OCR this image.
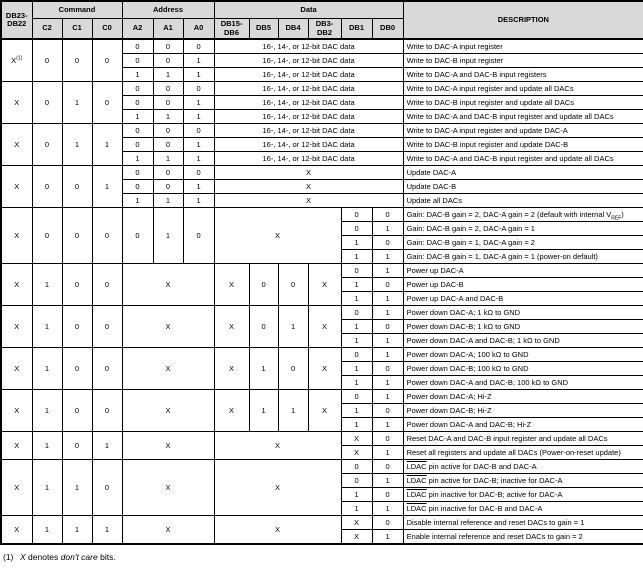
DB23-DB22	Command			Address			Data						DESCRIPTION
	C2	C1	C0	A2	A1	A0	DB15-DB6	DB5	DB4	DB3-DB2	DB1	DB0	
$X^{(1)}$	0	0	0	0	0	0	16-, 14-, or 12-bit DAC data						Write to DAC-A input register
				0	0	1	16-, 14-, or 12-bit DAC data						Write to DAC-B input register
				1	1	1	16-, 14-, or 12-bit DAC data						Write to DAC-A and DAC-B input registers
X	0	1	0	0	0	0	16-, 14-, or 12-bit DAC data						Write to DAC-A input register and update all DACs
				0	0	1	16-, 14-, or 12-bit DAC data						Write to DAC-B input register and update all DACs
				1	1	1	16-, 14-, or 12-bit DAC data						Write to DAC-A and DAC-B input register and update all DACs
X	0	1	1	0	0	0	16-, 14-, or 12-bit DAC data						Write to DAC-A input register and update DAC-A
				0	0	1	16-, 14-, or 12-bit DAC data						Write to DAC-B input register and update DAC-B
				1	1	1	16-, 14-, or 12-bit DAC data						Write to DAC-A and DAC-B input register and update all DACs
X	0	0	1	0	0	0	X						Update DAC-A
				0	0	1	X						Update DAC-B
				1	1	1	X						Update all DACs
X	0	0	0	0	1	0	X				0	0	Gain: DAC-B gain = 2, DAC-A gain = 2 (default with internal $V_{REF}$)
											0	1	Gain: DAC-B gain = 2, DAC-A gain = 1
											1	0	Gain: DAC-B gain = 1, DAC-A gain = 2
											1	1	Gain: DAC-B gain = 1, DAC-A gain = 1 (power-on default)
X	1	0	0	X			X	0	0	X	0	1	Power up DAC-A
											1	0	Power up DAC-B
											1	1	Power up DAC-A and DAC-B
X	1	0	0	X			X	0	1	X	0	1	Power down DAC-A; 1 kΩ to GND
											1	0	Power down DAC-B; 1 kΩ to GND
											1	1	Power down DAC-A and DAC-B; 1 kΩ to GND
X	1	0	0	X			X	1	0	X	0	1	Power down DAC-A; 100 kΩ to GND
											1	0	Power down DAC-B; 100 kΩ to GND
											1	1	Power down DAC-A and DAC-B; 100 kΩ to GND
X	1	0	0	X			X	1	1	X	0	1	Power down DAC-A; Hi-Z
											1	0	Power down DAC-B; Hi-Z
											1	1	Power down DAC-A and DAC-B; Hi-Z
X	1	0	1	X			X				X	0	Reset DAC-A and DAC-B input register and update all DACs
											X	1	Reset all registers and update all DACs (Power-on-reset update)
X	1	1	0	X			X				0	0	LDAC pin active for DAC-B and DAC-A
											0	1	LDAC pin active for DAC-B; inactive for DAC-A
											1	0	LDAC pin inactive for DAC-B; active for DAC-A
											1	1	LDAC pin inactive for DAC-B and DAC-A
X	1	1	1	X			X				X	0	Disable internal reference and reset DACs to gain = 1
											X	1	Enable internal reference and reset DACs to gain = 2
(1) X denotes don't care bits.
